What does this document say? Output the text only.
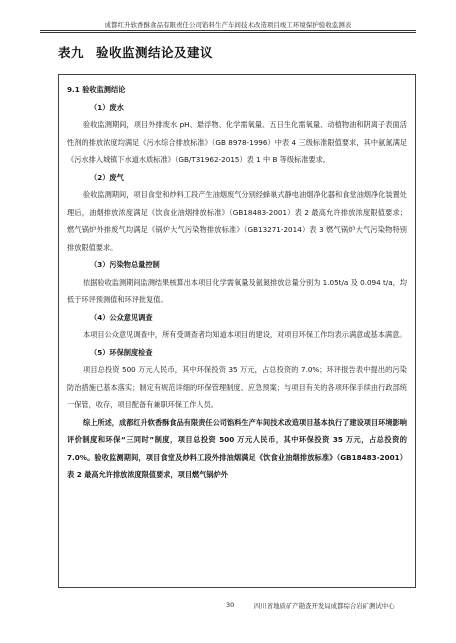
成都红升软香酥食品有限责任公司馅料生产车间技术改造项目竣工环境保护验收监测表
表九 验收监测结论及建议

9.1 验收监测结论

（1）废水

验收监测期间，项目外排废水 pH、悬浮物、化学需氧量、五日生化需氧量、动植物油和阴离子表面活性剂的排放浓度均满足《污水综合排放标准》（GB 8978-1996）中表 4 三级标准限值要求，其中氨氮满足《污水排入城镇下水道水质标准》（GB/T31962-2015）表 1 中 B 等级标准要求。

（2）废气

验收监测期间，项目食堂和炒料工段产生油烟废气分别经蜂巢式静电油烟净化器和食堂油烟净化装置处理后，油烟排放浓度满足《饮食业油烟排放标准》（GB18483-2001）表 2 最高允许排放浓度限值要求；燃气锅炉外排废气均满足《锅炉大气污染物排放标准》（GB13271-2014）表 3 燃气锅炉大气污染物特别排放限值要求。

（3）污染物总量控制

依据验收监测期间监测结果核算出本项目化学需氧量及氨氮排放总量分别为 1.05t/a 及 0.094 t/a，均低于环评预测值和环评批复值。

（4）公众意见调查

本项目公众意见调查中，所有受调查者均知道本项目的建设，对项目环保工作均表示满意或基本满意。

（5）环保制度检查

项目总投资 500 万元人民币，其中环保投资 35 万元，占总投资的 7.0%；环评报告表中提出的污染防治措施已基本落实；制定有规范详细的环保管理制度、应急预案；与项目有关的各项环保手续由行政部统一保管，收存，项目配备有兼职环保工作人员。

综上所述，成都红升软香酥食品有限责任公司馅料生产车间技术改造项目基本执行了建设项目环境影响评价制度和环保“三同时”制度，项目总投资 500 万元人民币，其中环保投资 35 万元，占总投资的 7.0%。验收监测期间，项目食堂及炒料工段外排油烟满足《饮食业油烟排放标准》（GB18483-2001）表 2 最高允许排放浓度限值要求，项目燃气锅炉外

30	四川省地质矿产勘查开发局成都综合岩矿测试中心
